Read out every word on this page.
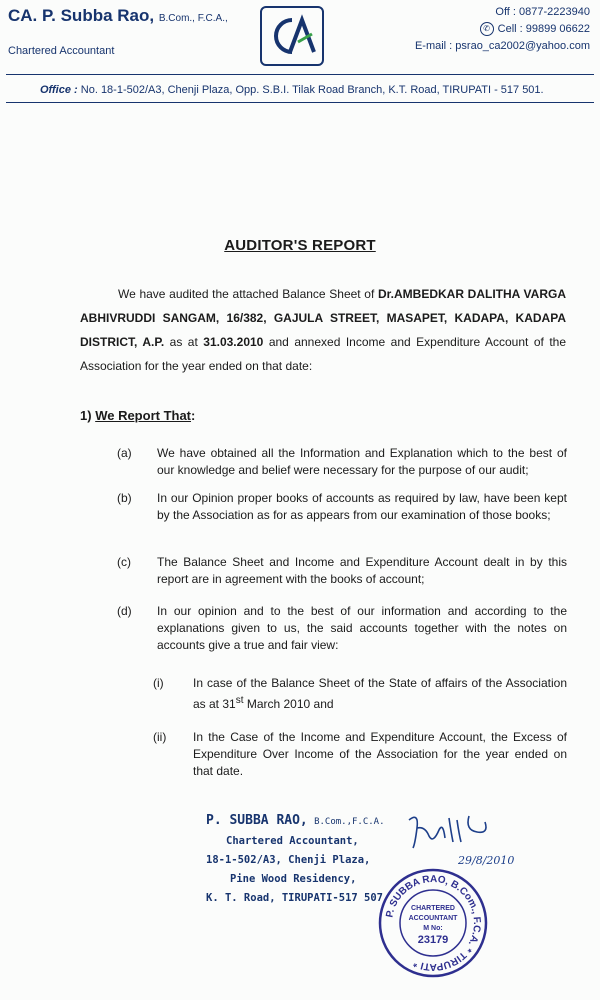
CA. P. Subba Rao, B.Com., F.C.A.,
Chartered Accountant
CA
Off : 0877-2223940
✆ Cell : 99899 06622
E-mail : psrao_ca2002@yahoo.com
Office : No. 18-1-502/A3, Chenji Plaza, Opp. S.B.I. Tilak Road Branch, K.T. Road, TIRUPATI - 517 501.
AUDITOR'S REPORT
We have audited the attached Balance Sheet of Dr.AMBEDKAR DALITHA VARGA ABHIVRUDDI SANGAM, 16/382, GAJULA STREET, MASAPET, KADAPA, KADAPA DISTRICT, A.P. as at 31.03.2010 and annexed Income and Expenditure Account of the Association for the year ended on that date:
1) We Report That:
(a) We have obtained all the Information and Explanation which to the best of our knowledge and belief were necessary for the purpose of our audit;
(b) In our Opinion proper books of accounts as required by law, have been kept by the Association as for as appears from our examination of those books;
(c) The Balance Sheet and Income and Expenditure Account dealt in by this report are in agreement with the books of account;
(d) In our opinion and to the best of our information and according to the explanations given to us, the said accounts together with the notes on accounts give a true and fair view:
(i) In case of the Balance Sheet of the State of affairs of the Association as at 31st March 2010 and
(ii) In the Case of the Income and Expenditure Account, the Excess of Expenditure Over Income of the Association for the year ended on that date.
P. SUBBA RAO, B.Com.,F.C.A.
Chartered Accountant,
18-1-502/A3, Chenji Plaza,
Pine Wood Residency,
K. T. Road, TIRUPATI-517 507
29/8/2010
P. SUBBA RAO, B.Com., F.C.A. * TIRUPATI *
CHARTERED
ACCOUNTANT
M No:
23179
